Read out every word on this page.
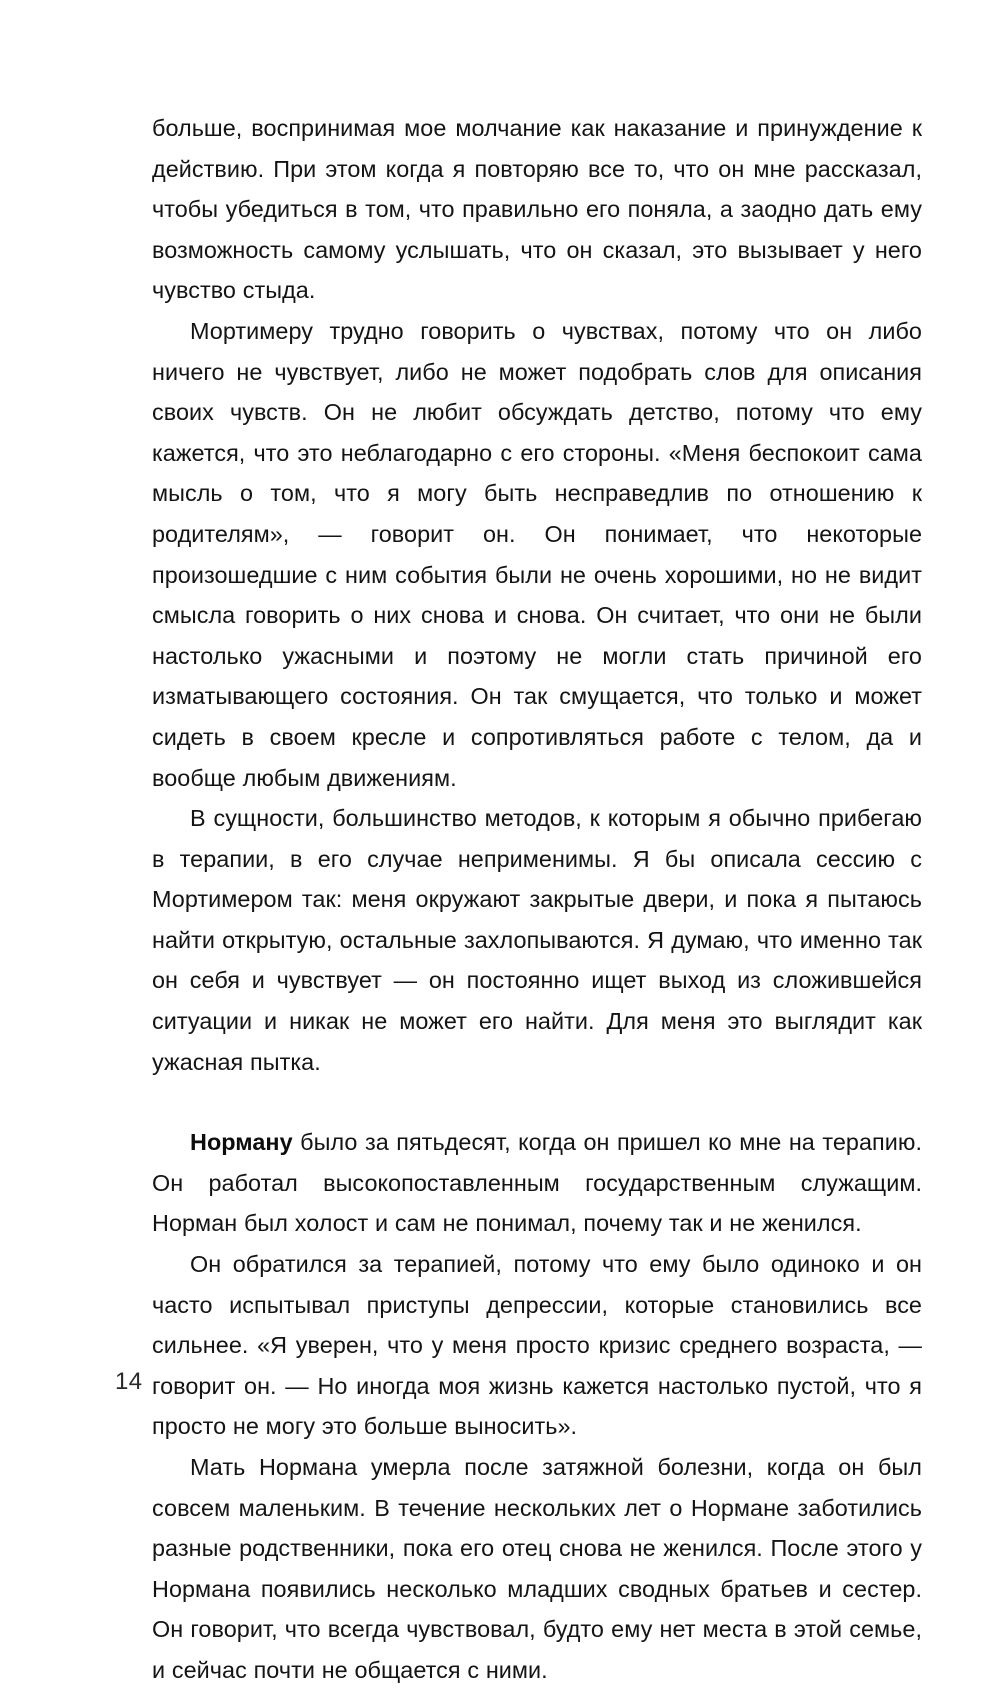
больше, воспринимая мое молчание как наказание и принуждение к действию. При этом когда я повторяю все то, что он мне рассказал, чтобы убедиться в том, что правильно его поняла, а заодно дать ему возможность самому услышать, что он сказал, это вызывает у него чувство стыда.

Мортимеру трудно говорить о чувствах, потому что он либо ничего не чувствует, либо не может подобрать слов для описания своих чувств. Он не любит обсуждать детство, потому что ему кажется, что это неблагодарно с его стороны. «Меня беспокоит сама мысль о том, что я могу быть несправедлив по отношению к родителям», — говорит он. Он понимает, что некоторые произошедшие с ним события были не очень хорошими, но не видит смысла говорить о них снова и снова. Он считает, что они не были настолько ужасными и поэтому не могли стать причиной его изматывающего состояния. Он так смущается, что только и может сидеть в своем кресле и сопротивляться работе с телом, да и вообще любым движениям.

В сущности, большинство методов, к которым я обычно прибегаю в терапии, в его случае неприменимы. Я бы описала сессию с Мортимером так: меня окружают закрытые двери, и пока я пытаюсь найти открытую, остальные захлопываются. Я думаю, что именно так он себя и чувствует — он постоянно ищет выход из сложившейся ситуации и никак не может его найти. Для меня это выглядит как ужасная пытка.

Норману было за пятьдесят, когда он пришел ко мне на терапию. Он работал высокопоставленным государственным служащим. Норман был холост и сам не понимал, почему так и не женился.

Он обратился за терапией, потому что ему было одиноко и он часто испытывал приступы депрессии, которые становились все сильнее. «Я уверен, что у меня просто кризис среднего возраста, — говорит он. — Но иногда моя жизнь кажется настолько пустой, что я просто не могу это больше выносить».

Мать Нормана умерла после затяжной болезни, когда он был совсем маленьким. В течение нескольких лет о Нормане заботились разные родственники, пока его отец снова не женился. После этого у Нормана появились несколько младших сводных братьев и сестер. Он говорит, что всегда чувствовал, будто ему нет места в этой семье, и сейчас почти не общается с ними.

14
